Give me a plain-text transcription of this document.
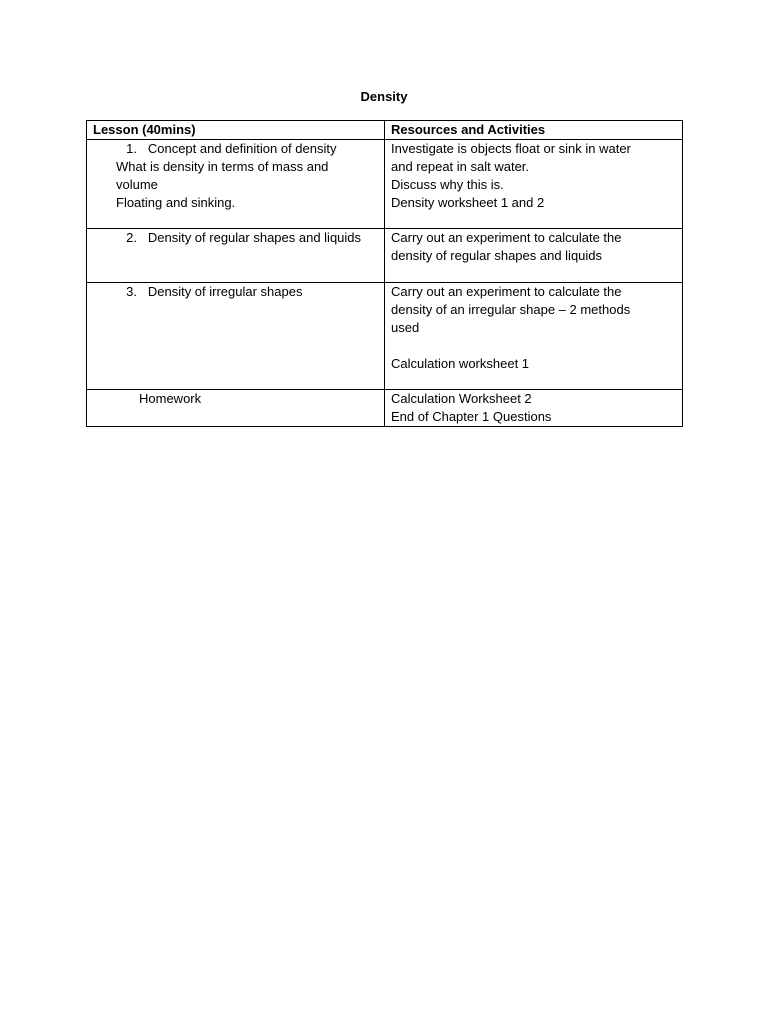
Density
Lesson (40mins)	Resources and Activities

1. Concept and definition of density
What is density in terms of mass and
volume
Floating and sinking.	Investigate is objects float or sink in water
and repeat in salt water.
Discuss why this is.
Density worksheet 1 and 2

2. Density of regular shapes and liquids	Carry out an experiment to calculate the
density of regular shapes and liquids

3. Density of irregular shapes	Carry out an experiment to calculate the
density of an irregular shape – 2 methods
used
Calculation worksheet 1

Homework	Calculation Worksheet 2
End of Chapter 1 Questions
